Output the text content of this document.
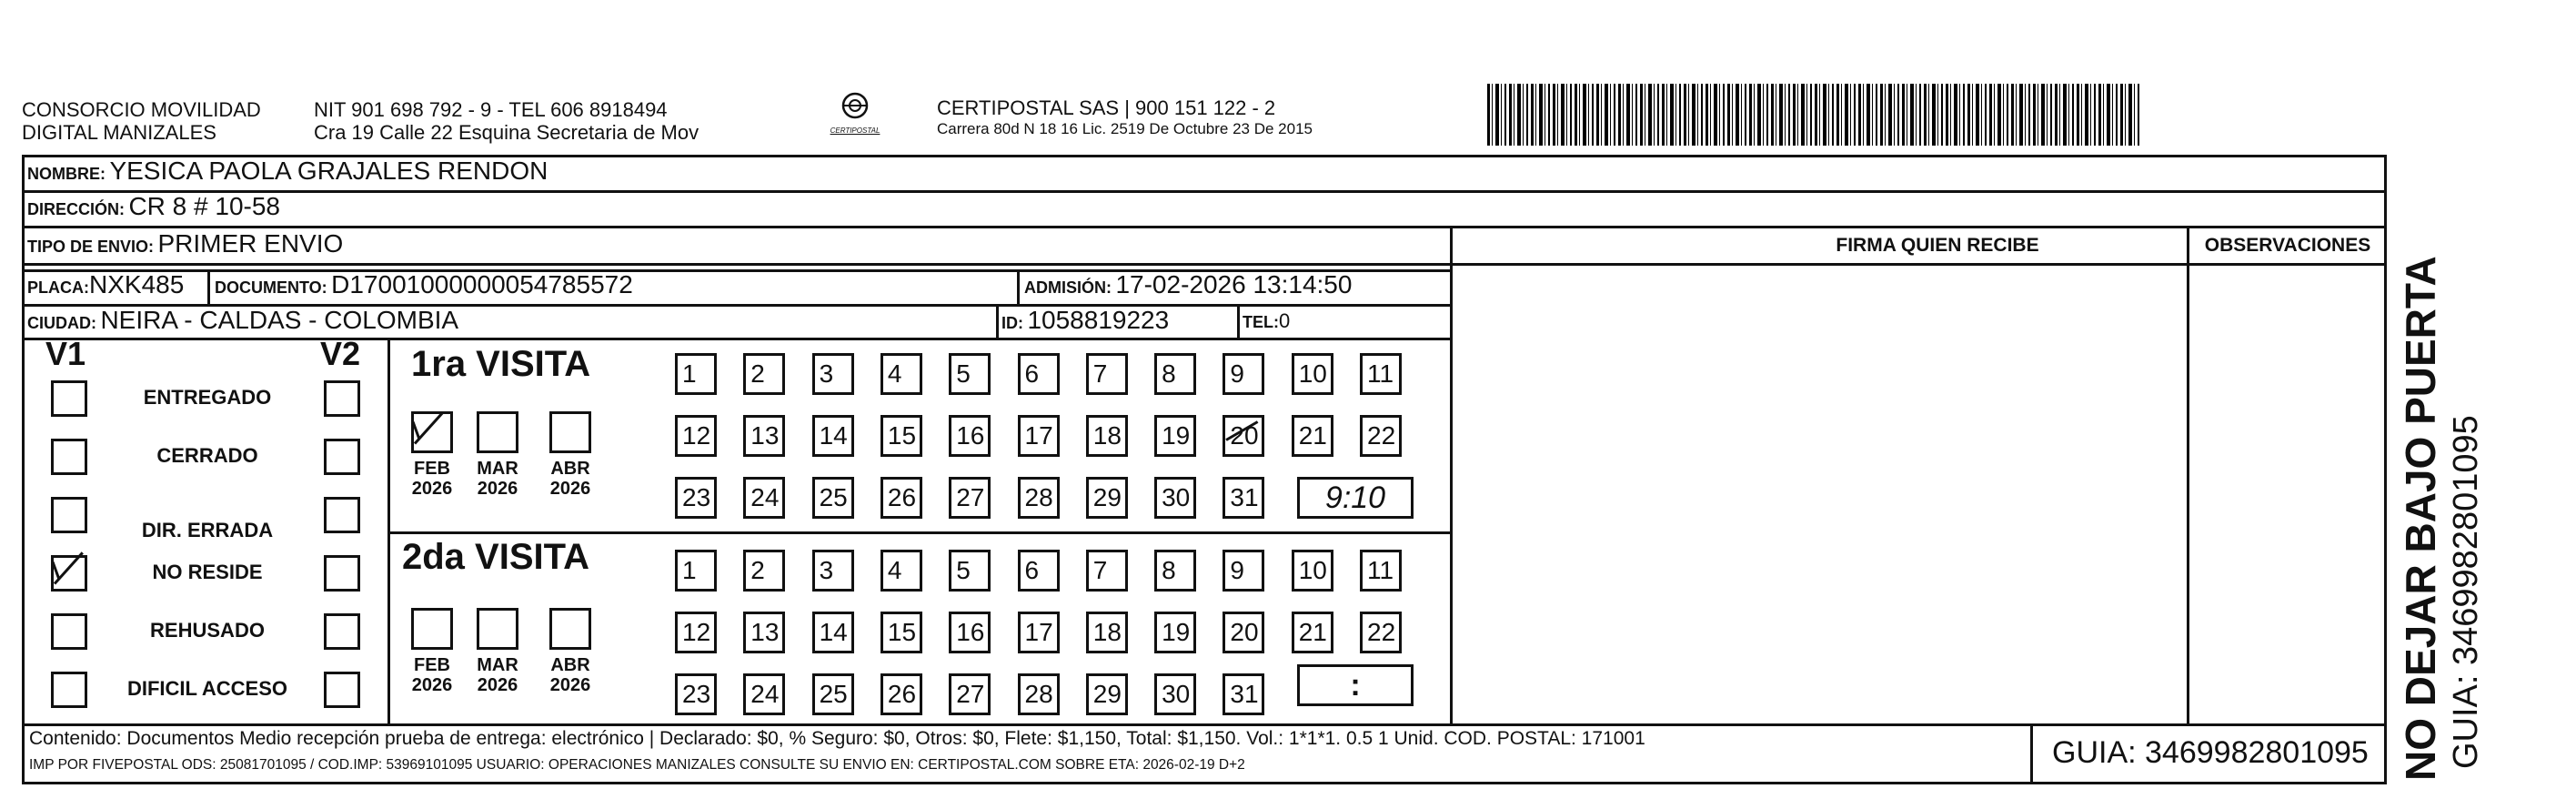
CONSORCIO MOVILIDAD
DIGITAL MANIZALES
NIT 901 698 792 - 9 - TEL 606 8918494
Cra 19 Calle 22 Esquina Secretaria de Mov	CERTIPOSTAL
CERTIPOSTAL SAS | 900 151 122 - 2
Carrera 80d N 18 16 Lic. 2519 De Octubre 23 De 2015
NOMBRE: YESICA PAOLA GRAJALES RENDON
DIRECCIÓN: CR 8 # 10-58
TIPO DE ENVIO: PRIMER ENVIO	FIRMA QUIEN RECIBE	OBSERVACIONES
PLACA:NXK485 DOCUMENTO: D17001000000054785572	ADMISIÓN: 17-02-2026 13:14:50
CIUDAD: NEIRA - CALDAS - COLOMBIA	ID: 1058819223	TEL:0
V1	V2
ENTREGADO
CERRADO
DIR. ERRADA
NO RESIDE
REHUSADO
DIFICIL ACCESO
1ra VISITA
2da VISITA
FEB
2026
MAR
2026
ABR
2026
FEB
2026
MAR
2026
ABR
2026
1	2	3	4	5	6	7	8	9	10 11
12 13 14 15 16 17 18 19 20 21 22
23 24 25 26 27 28 29 30 31
1	2	3	4	5	6	7	8	9	10 11
12 13 14 15 16 17 18 19 20 21 22
23 24 25 26 27 28 29 30 31
9:10
:
Contenido: Documentos Medio recepción prueba de entrega: electrónico | Declarado: $0, % Seguro: $0, Otros: $0, Flete: $1,150, Total: $1,150. Vol.: 1*1*1. 0.5 1 Unid. COD. POSTAL: 171001
IMP POR FIVEPOSTAL ODS: 25081701095 / COD.IMP: 53969101095 USUARIO: OPERACIONES MANIZALES CONSULTE SU ENVIO EN: CERTIPOSTAL.COM SOBRE ETA: 2026-02-19 D+2	GUIA: 3469982801095 NO DEJAR BAJO PUERTA GUIA: 3469982801095
